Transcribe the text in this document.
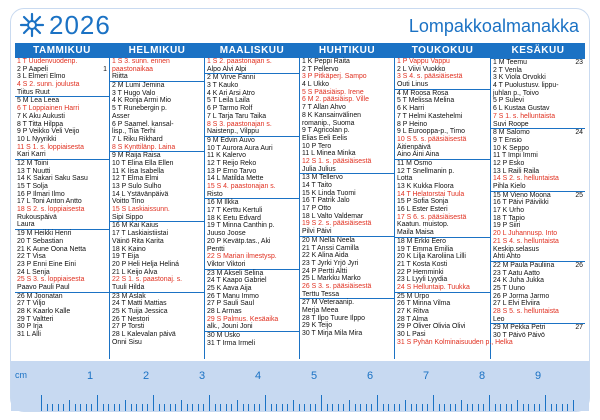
2026	Lompakkoalmanakka
TAMMIKUU
1 T Uudenvuodenp.
2 P Aapeli	1
3 L Elmeri Elmo
4 S 2. sunn. joulusta
Tiitus Ruut
5 M Lea Leea
6 T Loppiainen Harri
7 K Aku Aukusti
8 T Titta Hilppa
9 P Veikko Veli Veijo
10 L Nyyrikki
11 S 1. s. loppiaisesta
Kari Karri
12 M Toini
13 T Nuutti
14 K Sakari Saku Sasu
15 T Solja
16 P Ilmari Ilmo
17 L Toni Anton Antto
18 S 2. s. loppiaisesta
Rukouspäivä
Laura
19 M Heikki Henri
20 T Sebastian
21 K Aune Oona Netta
22 T Visa
23 P Enni Eine Eini
24 L Senja
25 S 3. s. loppiaisesta
Paavo Pauli Paul
26 M Joonatan
27 T Viljo
28 K Kaarlo Kalle
29 T Valtteri
30 P Irja
31 L Alli
HELMIKUU
1 S 3. sunn. ennen
paastonaikaa
Riitta
2 M Lumi Jemina
3 T Hugo Valo
4 K Ronja Armi Mio
5 T Runebergin p.
Asser
6 P Saamel. kansal-
lisp., Tiia Terhi
7 L Riku Rikhard
8 S Kynttilänp. Laina
9 M Raija Raisa
10 T Elina Ella Ellen
11 K Iisa Isabella
12 T Elma Elmi
13 P Sulo Sulho
14 L Ystävänpäivä
Voitto Tino
15 S Laskiaissunn.
Sipi Sippo
16 M Kai Kaius
17 T Laskiaistiistai
Väinö Rita Karita
18 K Kaino
19 T Eija
20 P Heli Helja Heliná
21 L Keijo Alva
22 S 1. s. paastonaj. s.
Tuuli Hilda
23 M Aslak
24 T Matti Mattias
25 K Tuija Jessica
26 T Nestori
27 P Torsti
28 L Kalevalan päivä
Onni Sisu
MAALISKUU
1 S 2. paastonajan s.
Alpo Alvi Alpi
2 M Virve Fanni
3 T Kauko
4 K Ari Arsi Atro
5 T Leila Laila
6 P Tarmo Rolf
7 L Tarja Taru Taika
8 S 3. paastonajan s.
Naistenp., Vilppu
9 M Edvin Auvo
10 T Aurora Aura Auri
11 K Kalervo
12 T Reijo Reko
13 P Erno Tarvo
14 L Matilda Mette
15 S 4. paastonajan s.
Risto
16 M Ilkka
17 T Kerttu Kertuli
18 K Eetu Edvard
19 T Minna Canthin p.
Juuso Joose
20 P Kevätp.tas., Aki
Pentti
22 S Marian ilmestysp.
Viktor Viktori
23 M Akseli Selina
24 T Kaapo Gabriel
25 K Aava Aija
26 T Manu Immo
27 P Sauli Saul
28 L Armas
29 S Palmus. Kesäaika
alk., Jouni Joni
30 M Usko
31 T Irma Irmeli
HUHTIKUU
1 K Peppi Raita
2 T Pellervo
3 P Pitkäperj. Sampo
4 L Ukko
5 S Pääsiäisp. Irene
6 M 2. pääsiäisp. Ville
7 T Allan Ahvo
8 K Kansainvälinen
romanip., Suoma
9 T Agricolan p.
Elias Eeli Eelis
10 P Tero
11 L Minea Minka
12 S 1. s. pääsiäisestä
Julia Julius
13 M Tellervo
14 T Taito
15 K Linda Tuomi
16 T Patrik Jalo
17 P Otto
18 L Valto Valdemar
19 S 2. s. pääsiäisestä
Pilvi Päivi
20 M Nella Neela
21 T Anssi Camilla
22 K Alina Aida
23 T Jyrki Yrjö Jyri
24 P Pertti Altti
25 L Markku Marko
26 S 3. s. pääsiäisestä
Terttu Tessa
27 M Veteraanip.
Merja Meea
28 T Ilpo Tuure Ilppo
29 K Teijo
30 T Mirja Mila Mira
TOUKOKUU
1 P Vappu Vappu
2 L Viivi Vuokko
3 S 4. s. pääsiäisestä
Outi Linus
4 M Roosa Rosa
5 T Melissa Melina
6 K Harri
7 T Helmi Kastehelmi
8 P Heino
9 L Eurooppa-p., Timo
10 S 5. s. pääsiäisestä
Äitienpäivä
Aino Aini Aina
11 M Osmo
12 T Snellmanin p.
Lotta
13 K Kukka Floora
14 T Helatorstai Tuula
15 P Sofia Sonja
16 L Ester Esteri
17 S 6. s. pääsiäisestä
Kaatun. muistop.
Maila Maisa
18 M Erkki Eero
19 T Emma Emilia
20 K Lilja Karoliina Lilli
21 T Kosta Kosti
22 P Hemminki
23 L Lyyli Lyydia
24 S Helluntaip. Tuukka
25 M Urpo
26 T Minna Vilma
27 K Ritva
28 T Alma
29 P Oliver Olivia Olivi
30 L Pasi
31 S Pyhän Kolminaisuuden p., Helka
KESÄKUU
1 M Teemu	23
2 T Venla
3 K Viola Orvokki
4 T Puolustusv. lippu-
juhlan p., Toivo
5 P Sulevi
6 L Kustaa Gustav
7 S 1. s. helluntaista
Suvi Roope
8 M Salomo	24
9 T Ensio
10 K Seppo
11 T Impi Immi
12 P Esko
13 L Raili Raila
14 S 2. s. helluntaista
Pihla Kielo
15 M Vieno Moona	25
16 T Päivi Päivikki
17 K Urho
18 T Tapio
19 P Siiri
20 L Juhannusp. Into
21 S 4. s. helluntaista
Keskip.selasus
Ahti Ahto
22 M Paula Pauliina	26
23 T Aatu Aatto
24 K Juha Jukka
25 T Uuno
26 P Jorma Jarmo
27 L Elvi Elviira
28 S 5. s. helluntaista
Leo
29 M Pekka Petri	27
30 T Päivö Päivö
cm	1	2	3	4	5	6	7	8	9
